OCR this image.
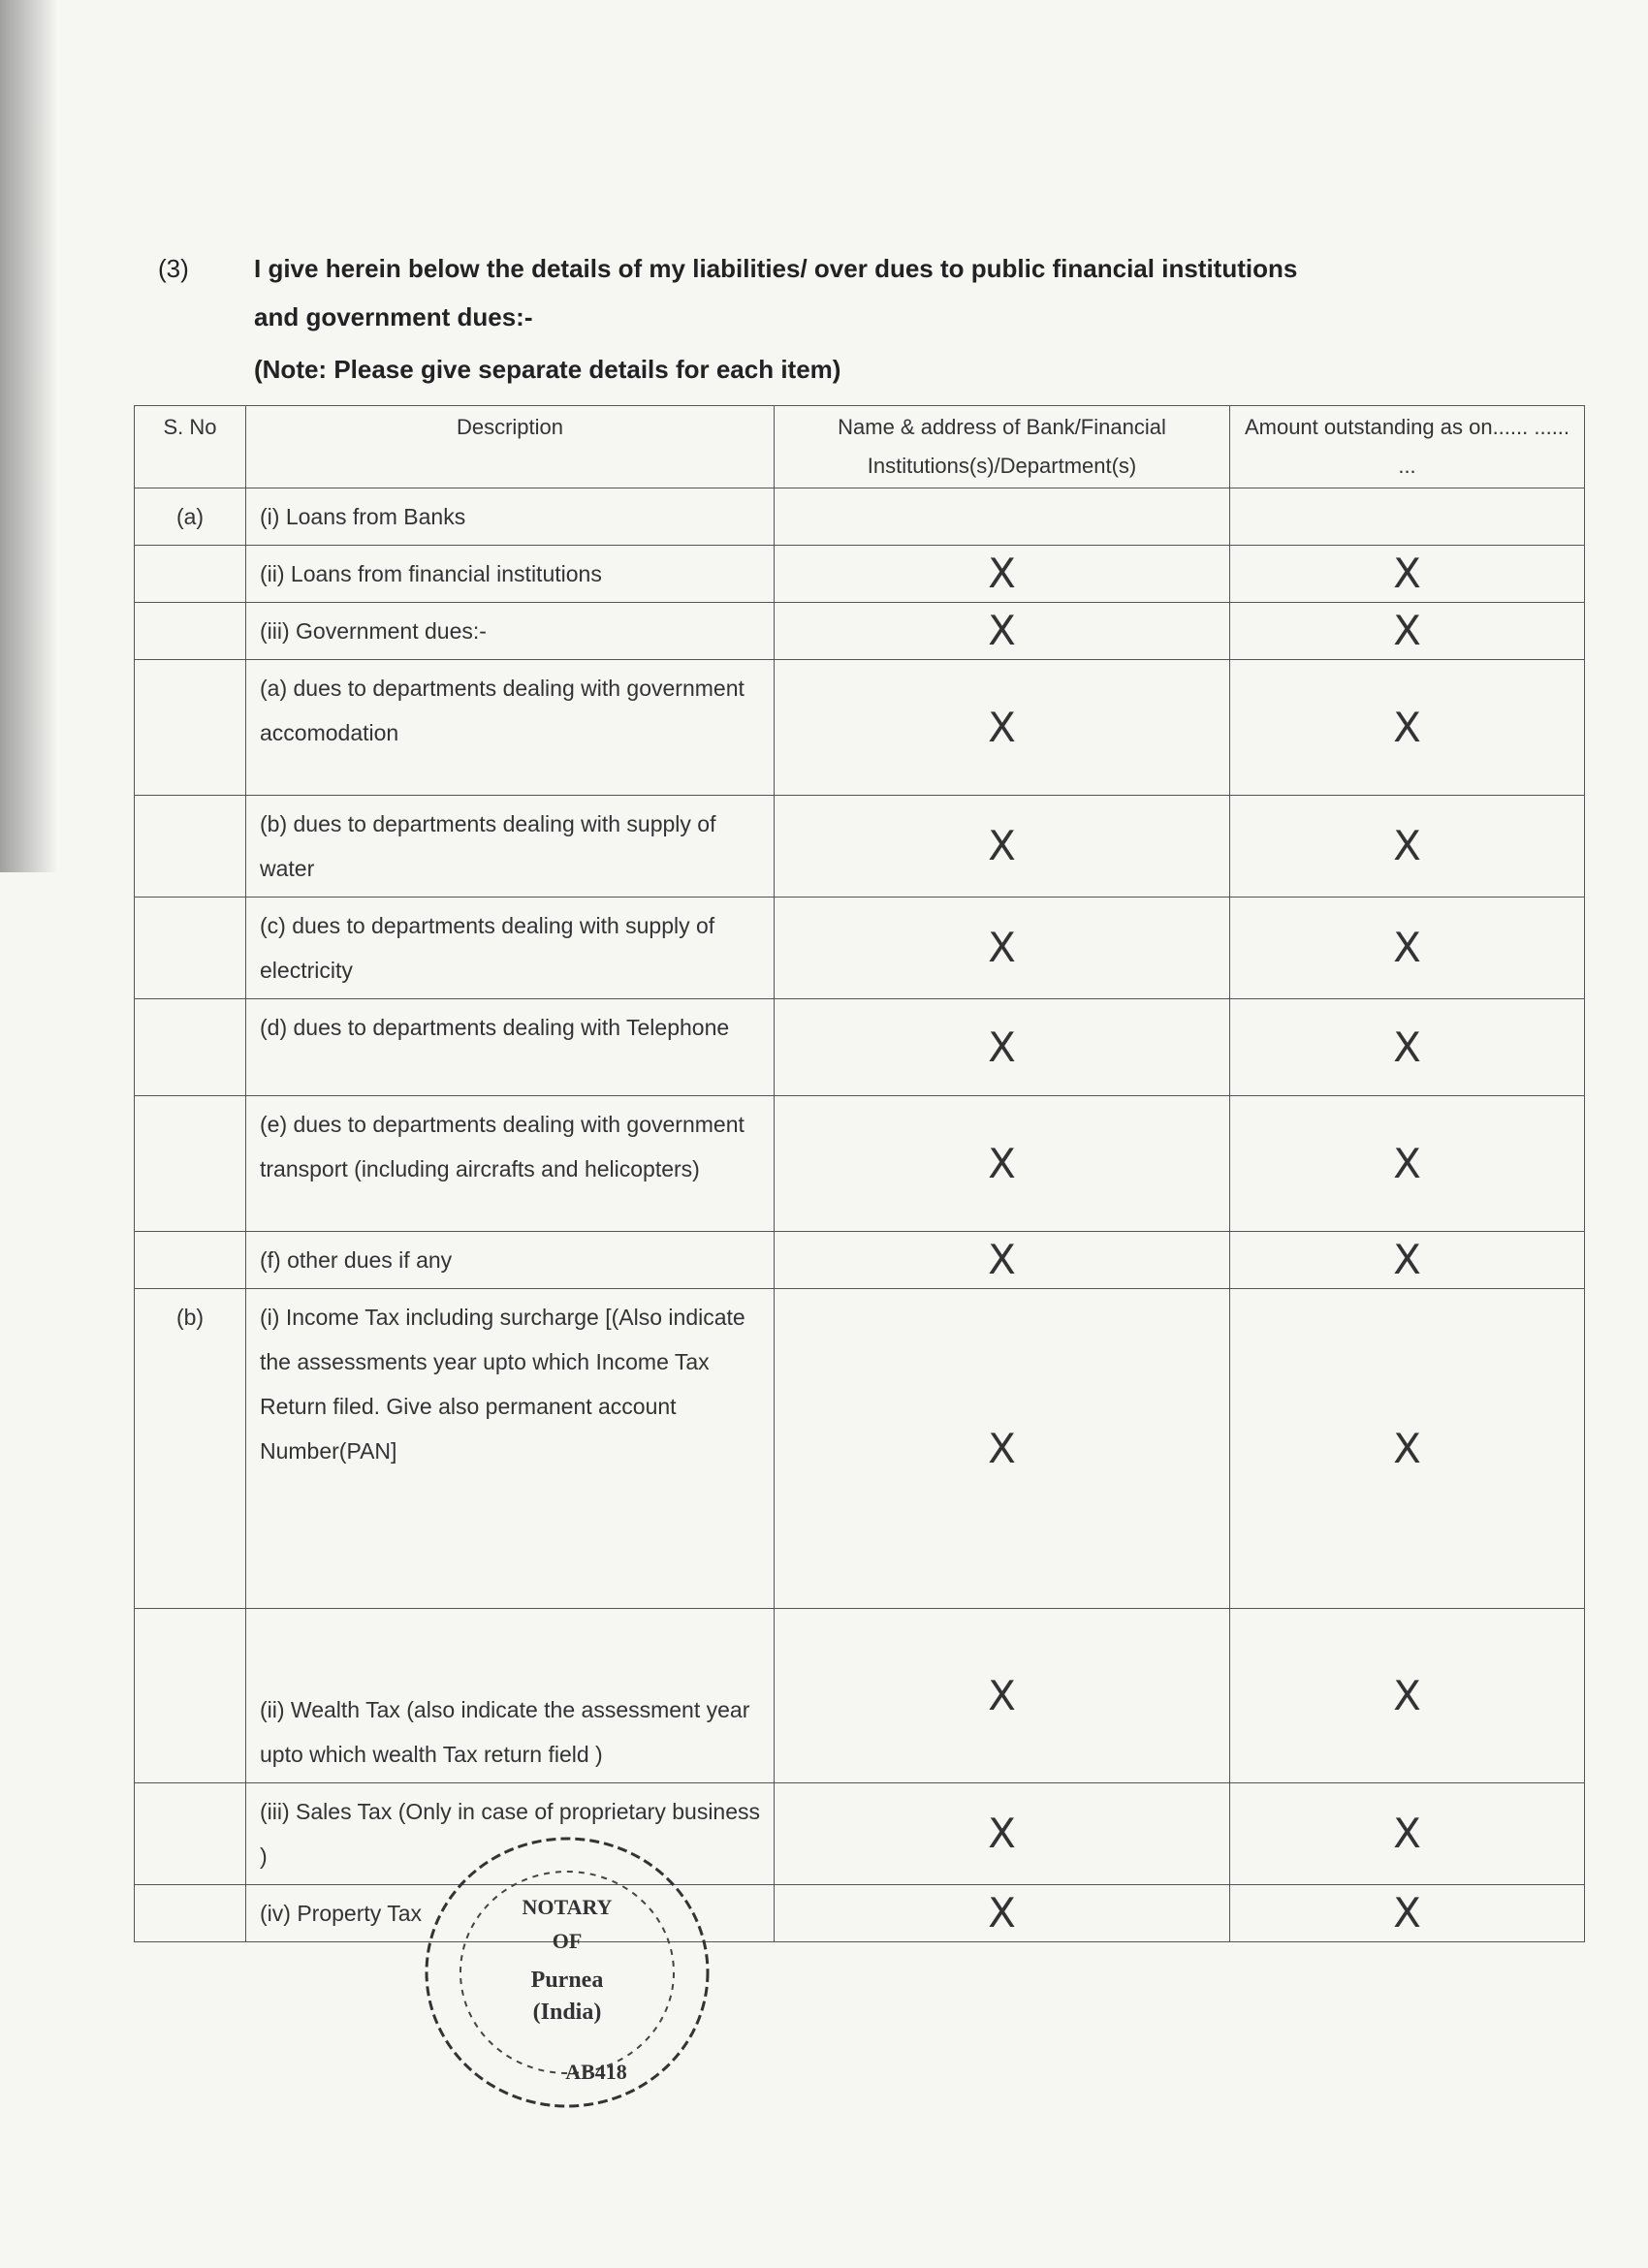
(3)	I give herein below the details of my liabilities/ over dues to public financial institutions
and government dues:-
(Note: Please give separate details for each item)
S. No	Description	Name & address of Bank/Financial Institutions(s)/Department(s)	Amount outstanding as on...... ...... ...
(a)	(i) Loans from Banks		
	(ii) Loans from financial institutions	X	X
	(iii) Government dues:-	X	X
	(a) dues to departments dealing with government accomodation	X	X
	(b) dues to departments dealing with supply of water	X	X
	(c) dues to departments dealing with supply of electricity	X	X
	(d) dues to departments dealing with Telephone	X	X
	(e) dues to departments dealing with government transport (including aircrafts and helicopters)	X	X
	(f) other dues if any	X	X
(b)	(i) Income Tax including surcharge [(Also indicate the assessments year upto which Income Tax Return filed. Give also permanent account Number(PAN]	X	X
	(ii) Wealth Tax (also indicate the assessment year upto which wealth Tax return field )	X	X
	(iii) Sales Tax (Only in case of proprietary business )	X	X
	(iv) Property Tax	X	X
NOTARY
OF
Purnea
(India)
AB418
